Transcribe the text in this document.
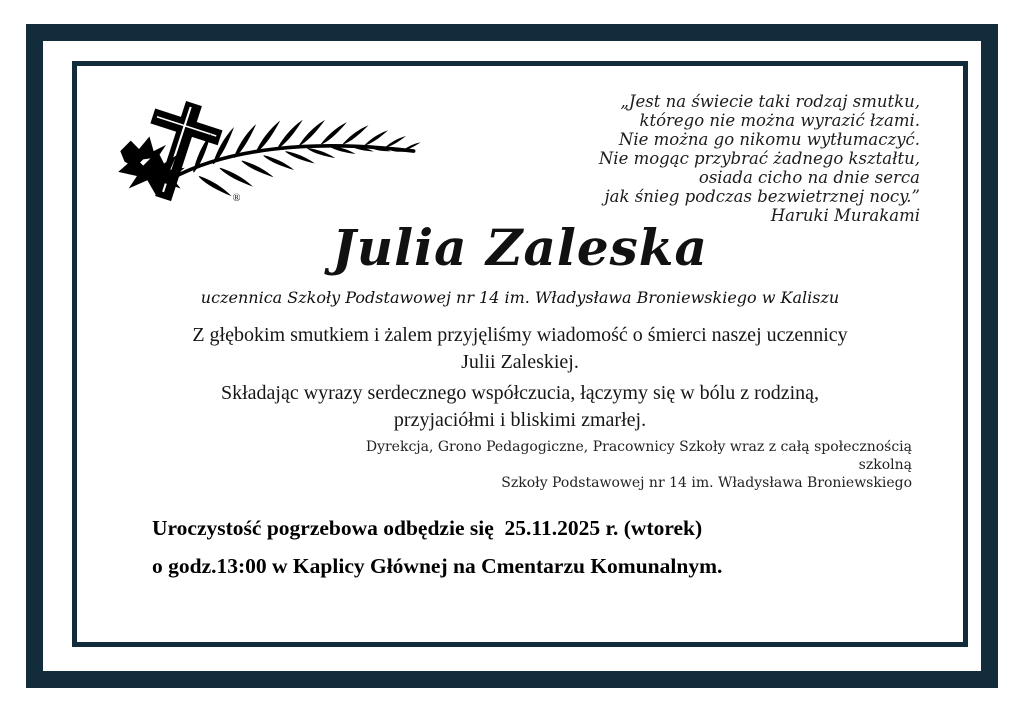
®
„Jest na świecie taki rodzaj smutku,
którego nie można wyrazić łzami.
Nie można go nikomu wytłumaczyć.
Nie mogąc przybrać żadnego kształtu,
osiada cicho na dnie serca
jak śnieg podczas bezwietrznej nocy.”
Haruki Murakami
Julia Zaleska
uczennica Szkoły Podstawowej nr 14 im. Władysława Broniewskiego w Kaliszu
Z głębokim smutkiem i żalem przyjęliśmy wiadomość o śmierci naszej uczennicy
Julii Zaleskiej.
Składając wyrazy serdecznego współczucia, łączymy się w bólu z rodziną,
przyjaciółmi i bliskimi zmarłej.
Dyrekcja, Grono Pedagogiczne, Pracownicy Szkoły wraz z całą społecznością szkolną
Szkoły Podstawowej nr 14 im. Władysława Broniewskiego
Uroczystość pogrzebowa odbędzie się  25.11.2025 r. (wtorek)
o godz.13:00 w Kaplicy Głównej na Cmentarzu Komunalnym.
